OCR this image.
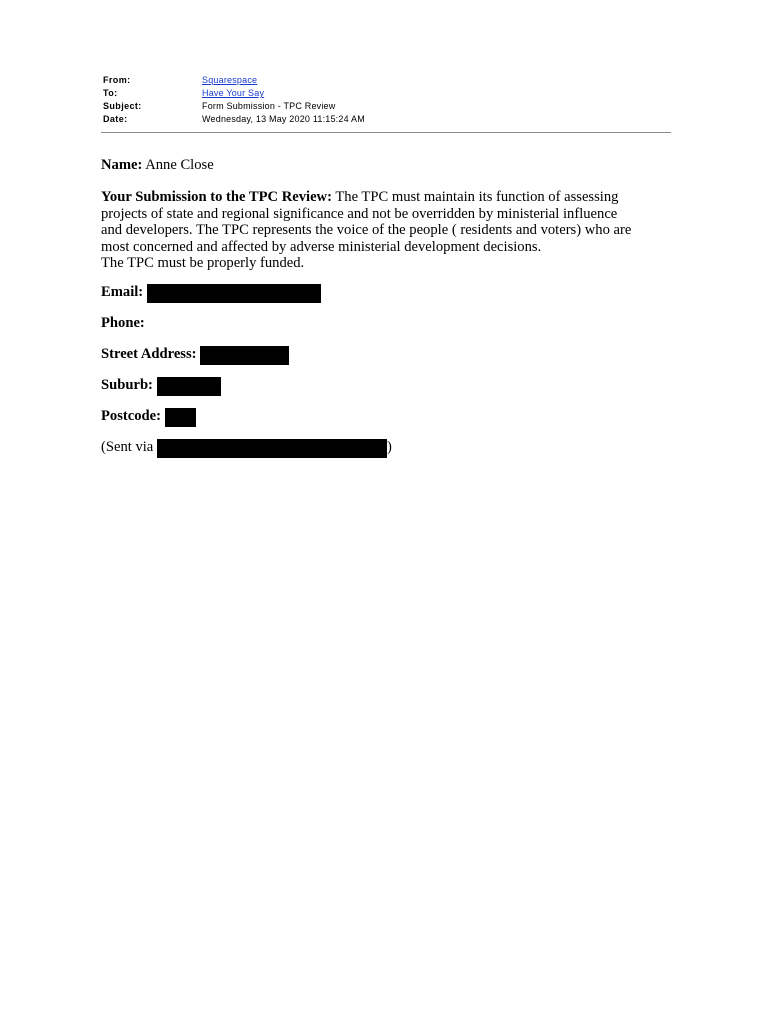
From:	Squarespace
To:	Have Your Say
Subject:	Form Submission - TPC Review
Date:	Wednesday, 13 May 2020 11:15:24 AM

Name: Anne Close

Your Submission to the TPC Review: The TPC must maintain its function of assessing
projects of state and regional significance and not be overridden by ministerial influence
and developers. The TPC represents the voice of the people ( residents and voters) who are
most concerned and affected by adverse ministerial development decisions.
The TPC must be properly funded.
Email:
Phone:
Street Address:
Suburb:
Postcode:
(Sent via	)
